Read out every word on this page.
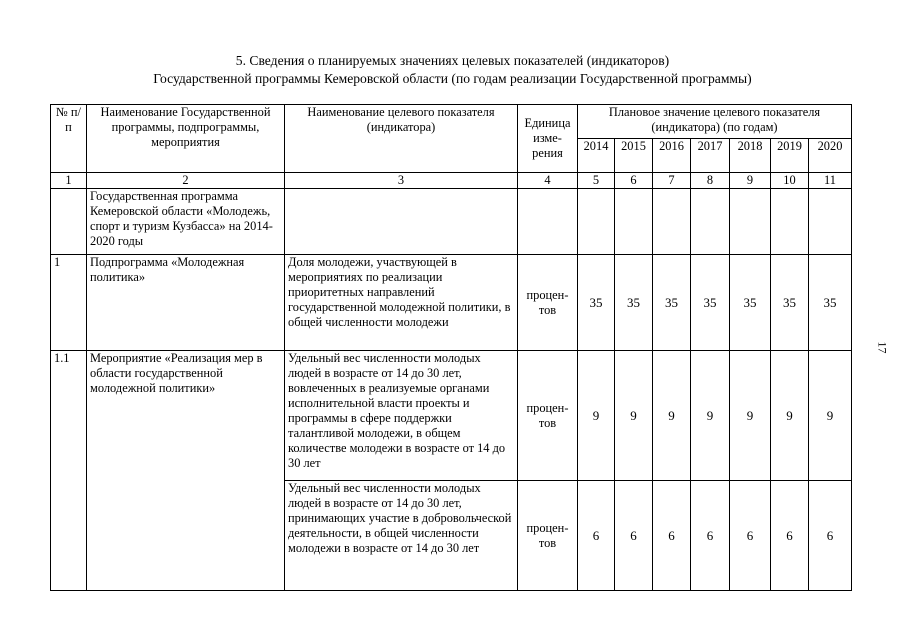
5. Сведения о планируемых значениях целевых показателей (индикаторов)
Государственной программы Кемеровской области (по годам реализации Государственной программы)
№ п/п	Наименование Государственной программы, подпрограммы, мероприятия	Наименование целевого показателя (индикатора)	Единица изме-рения	Плановое значение целевого показателя (индикатора) (по годам)						
				2014	2015	2016	2017	2018	2019	2020
1	2	3	4	5	6	7	8	9	10	11
	Государственная программа Кемеровской области «Молодежь, спорт и туризм Кузбасса» на 2014-2020 годы									
1	Подпрограмма «Молодежная политика»	Доля молодежи, участвующей в мероприятиях по реализации приоритетных направлений государственной молодежной политики, в общей численности молодежи	процен-тов	35	35	35	35	35	35	35
1.1	Мероприятие «Реализация мер в области государственной молодежной политики»	Удельный вес численности молодых людей в возрасте от 14 до 30 лет, вовлеченных в реализуемые органами исполнительной власти проекты и программы в сфере поддержки талантливой молодежи, в общем количестве молодежи в возрасте от 14 до 30 лет	процен-тов	9	9	9	9	9	9	9
		Удельный вес численности молодых людей в возрасте от 14 до 30 лет, принимающих участие в добровольческой деятельности, в общей численности молодежи в возрасте от 14 до 30 лет	процен-тов	6	6	6	6	6	6	6
17
